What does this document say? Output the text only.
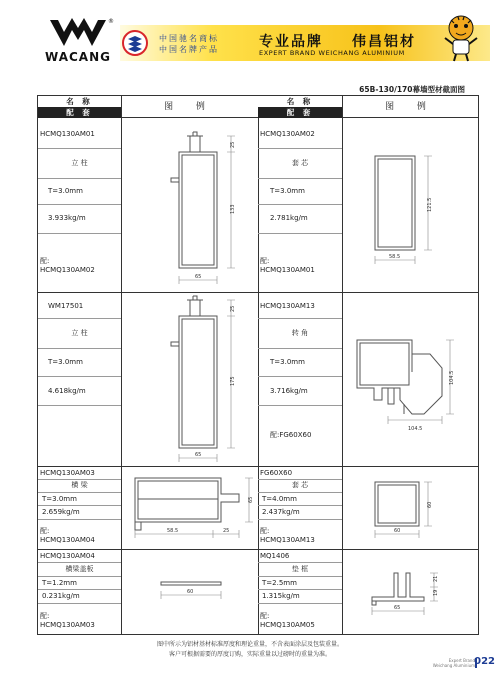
WACANG
®
中国驰名商标
中国名牌产品	专业品牌 伟昌铝材
EXPERT BRAND WEICHANG ALUMINIUM
65B-130/170幕墙型材截面图
名 称
配 套
图 例
名 称
配 套
图 例
HCMQ130AM01
立 柱
T=3.0mm
3.933kg/m
配:
HCMQ130AM02
25
133
65
HCMQ130AM02
套 芯
T=3.0mm
2.781kg/m
配:
HCMQ130AM01
121.5
58.5
WM17501
立 柱
T=3.0mm
4.618kg/m
25
175
65
HCMQ130AM13
转 角
T=3.0mm
3.716kg/m
配:FG60X60
104.5
104.5
HCMQ130AM03
横 梁
T=3.0mm
2.659kg/m
配:
HCMQ130AM04
65
58.5	25
FG60X60
套 芯
T=4.0mm
2.437kg/m
配:
HCMQ130AM13
60
60
HCMQ130AM04
横梁盖板
T=1.2mm
0.231kg/m
配:
HCMQ130AM03
60
MQ1406
垫 框
T=2.5mm
1.315kg/m
配:
HCMQ130AM05
21
19
65
图中所示为铝材基材标准厚度和理论重量，不含表面涂层及包装重量。
客户可根据需要的厚度订购，实际重量以过磅时的重量为准。
Expert Brand
Weichang Aluminium 022
